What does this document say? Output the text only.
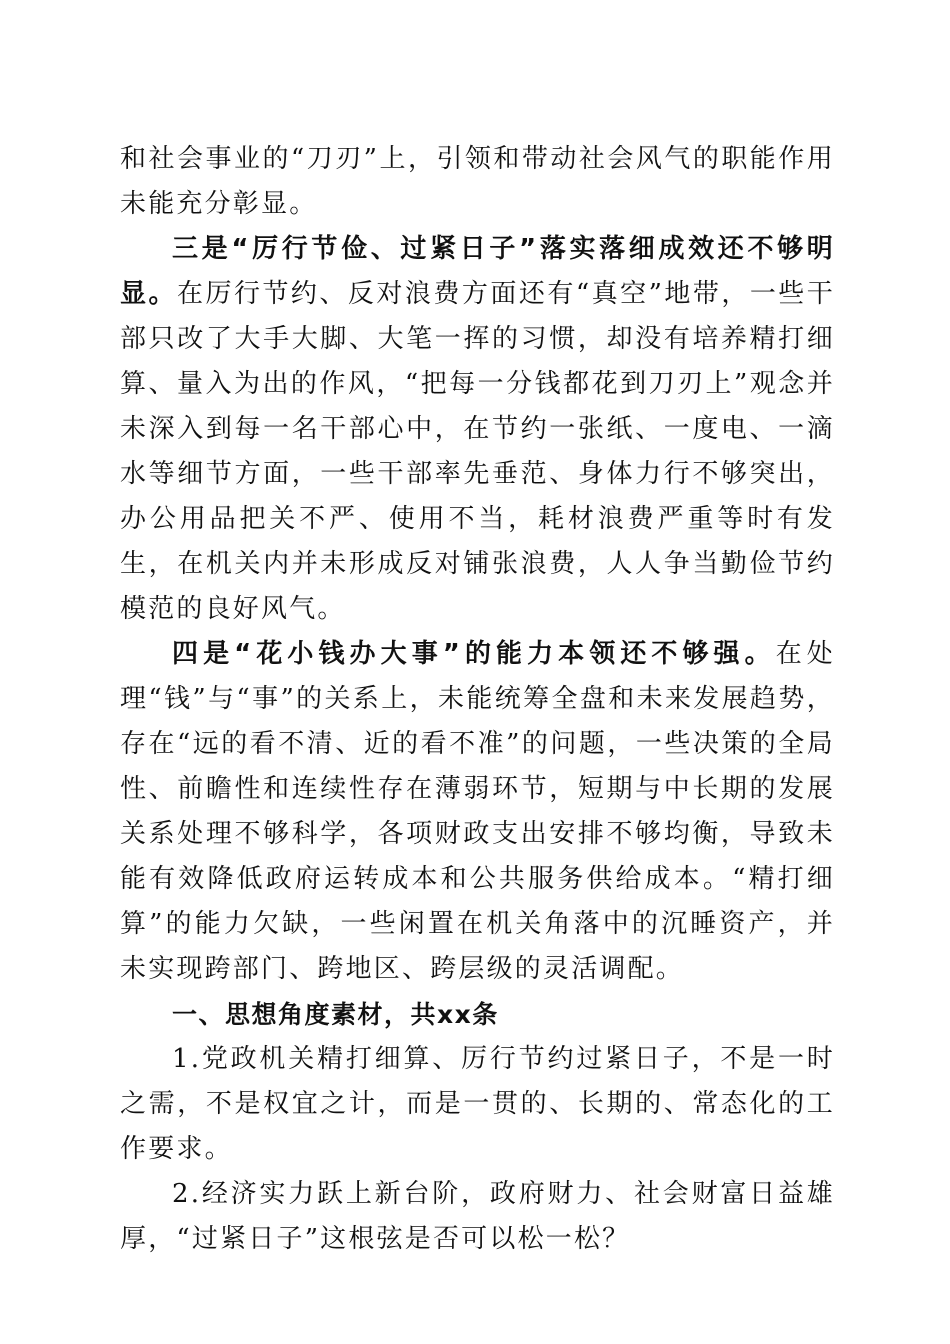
和社会事业的“刀刃”上，引领和带动社会风气的职能作用未能充分彰显。

三是“厉行节俭、过紧日子”落实落细成效还不够明显。在厉行节约、反对浪费方面还有“真空”地带，一些干部只改了大手大脚、大笔一挥的习惯，却没有培养精打细算、量入为出的作风，“把每一分钱都花到刀刃上”观念并未深入到每一名干部心中，在节约一张纸、一度电、一滴水等细节方面，一些干部率先垂范、身体力行不够突出，办公用品把关不严、使用不当，耗材浪费严重等时有发生，在机关内并未形成反对铺张浪费，人人争当勤俭节约模范的良好风气。

四是“花小钱办大事”的能力本领还不够强。在处理“钱”与“事”的关系上，未能统筹全盘和未来发展趋势，存在“远的看不清、近的看不准”的问题，一些决策的全局性、前瞻性和连续性存在薄弱环节，短期与中长期的发展关系处理不够科学，各项财政支出安排不够均衡，导致未能有效降低政府运转成本和公共服务供给成本。“精打细算”的能力欠缺，一些闲置在机关角落中的沉睡资产，并未实现跨部门、跨地区、跨层级的灵活调配。

一、思想角度素材，共xx条

1.党政机关精打细算、厉行节约过紧日子，不是一时之需，不是权宜之计，而是一贯的、长期的、常态化的工作要求。

2.经济实力跃上新台阶，政府财力、社会财富日益雄厚，“过紧日子”这根弦是否可以松一松？
